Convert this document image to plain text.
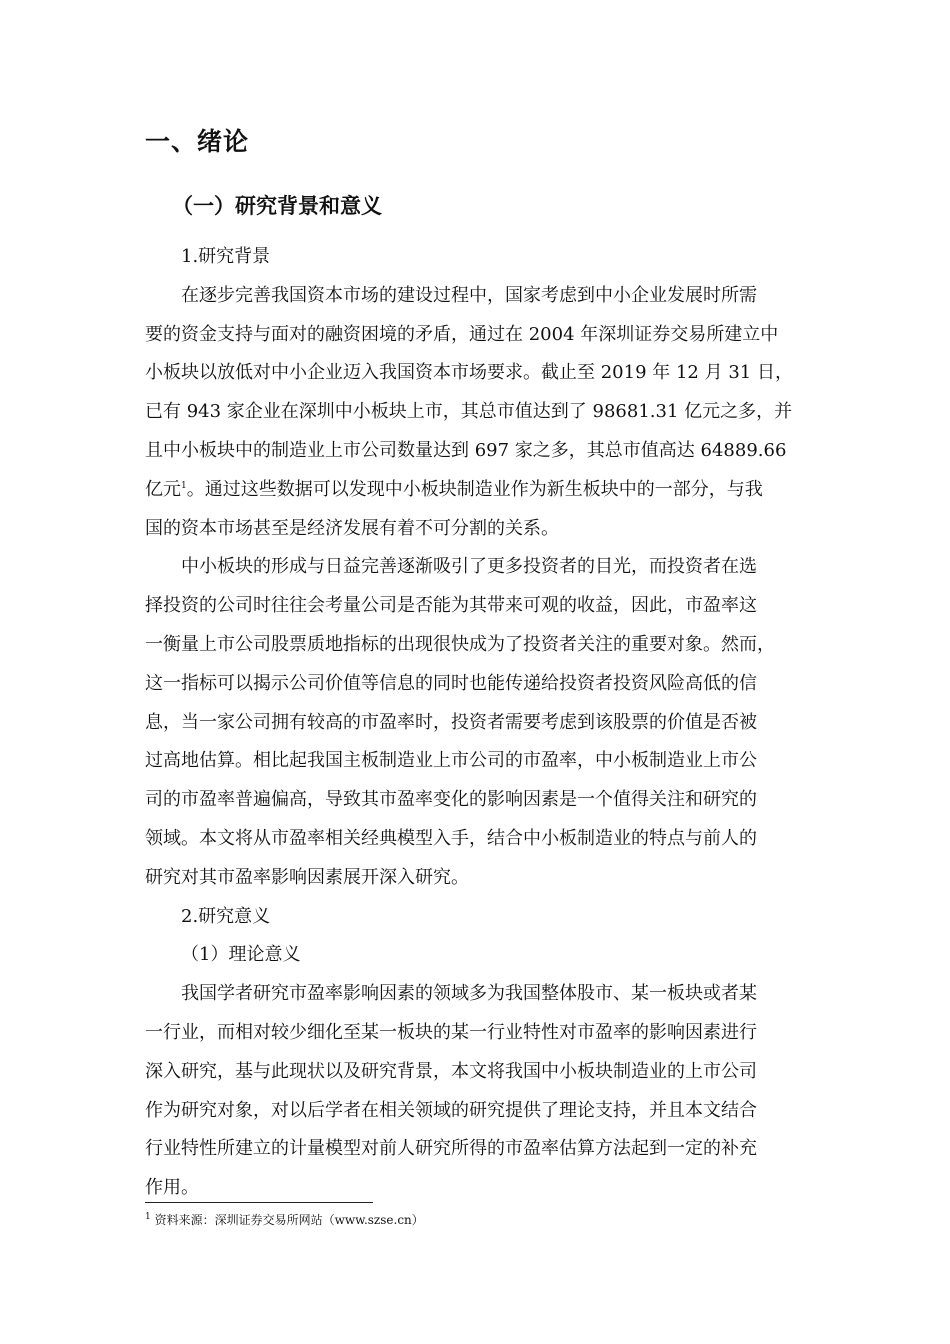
一、绪论
（一）研究背景和意义
1.研究背景
在逐步完善我国资本市场的建设过程中，国家考虑到中小企业发展时所需
要的资金支持与面对的融资困境的矛盾，通过在 2004 年深圳证券交易所建立中
小板块以放低对中小企业迈入我国资本市场要求。截止至 2019 年 12 月 31 日，
已有 943 家企业在深圳中小板块上市，其总市值达到了 98681.31 亿元之多，并
且中小板块中的制造业上市公司数量达到 697 家之多，其总市值高达 64889.66
亿元$^1$。通过这些数据可以发现中小板块制造业作为新生板块中的一部分，与我
国的资本市场甚至是经济发展有着不可分割的关系。
中小板块的形成与日益完善逐渐吸引了更多投资者的目光，而投资者在选
择投资的公司时往往会考量公司是否能为其带来可观的收益，因此，市盈率这
一衡量上市公司股票质地指标的出现很快成为了投资者关注的重要对象。然而，
这一指标可以揭示公司价值等信息的同时也能传递给投资者投资风险高低的信
息，当一家公司拥有较高的市盈率时，投资者需要考虑到该股票的价值是否被
过高地估算。相比起我国主板制造业上市公司的市盈率，中小板制造业上市公
司的市盈率普遍偏高，导致其市盈率变化的影响因素是一个值得关注和研究的
领域。本文将从市盈率相关经典模型入手，结合中小板制造业的特点与前人的
研究对其市盈率影响因素展开深入研究。
2.研究意义
（1）理论意义
我国学者研究市盈率影响因素的领域多为我国整体股市、某一板块或者某
一行业，而相对较少细化至某一板块的某一行业特性对市盈率的影响因素进行
深入研究，基与此现状以及研究背景，本文将我国中小板块制造业的上市公司
作为研究对象，对以后学者在相关领域的研究提供了理论支持，并且本文结合
行业特性所建立的计量模型对前人研究所得的市盈率估算方法起到一定的补充
作用。
$^1$ 资料来源：深圳证券交易所网站（www.szse.cn）
